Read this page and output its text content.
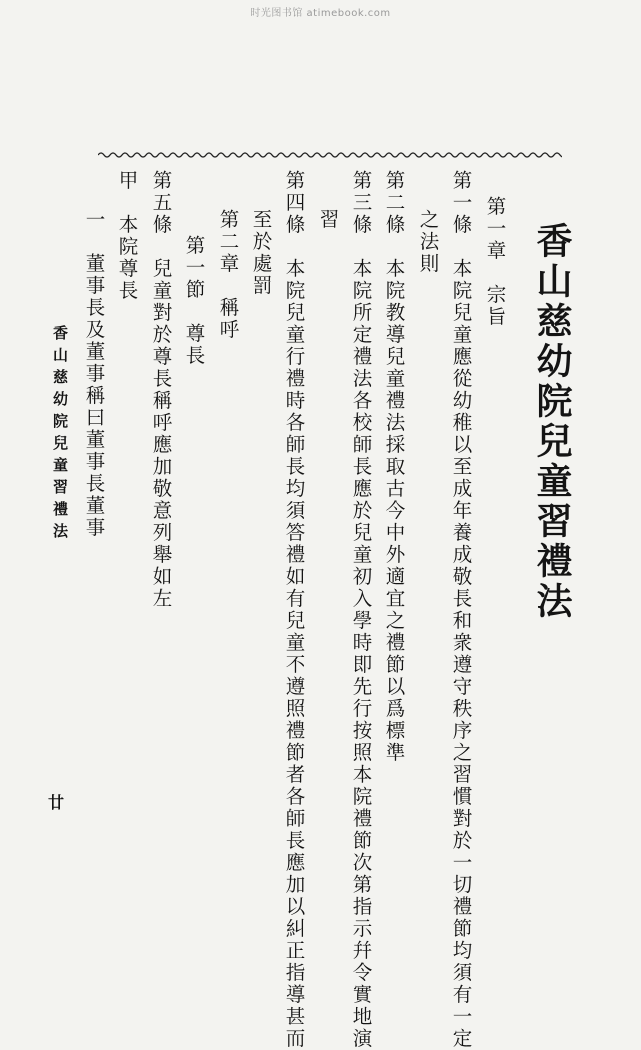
时光图书馆 atimebook.com
香山慈幼院兒童習禮法
第一章　宗旨
第一條　本院兒童應從幼稚以至成年養成敬長和衆遵守秩序之習慣對於一切禮節均須有一定
之法則
第二條　本院教導兒童禮法採取古今中外適宜之禮節以爲標準
第三條　本院所定禮法各校師長應於兒童初入學時即先行按照本院禮節次第指示幷令實地演
習
第四條　本院兒童行禮時各師長均須答禮如有兒童不遵照禮節者各師長應加以糾正指導甚而
至於處罰
第二章　稱呼
第一節　尊長
第五條　兒童對於尊長稱呼應加敬意列舉如左
甲　本院尊長
一　董事長及董事稱曰董事長董事
香山慈幼院兒童習禮法
廿
